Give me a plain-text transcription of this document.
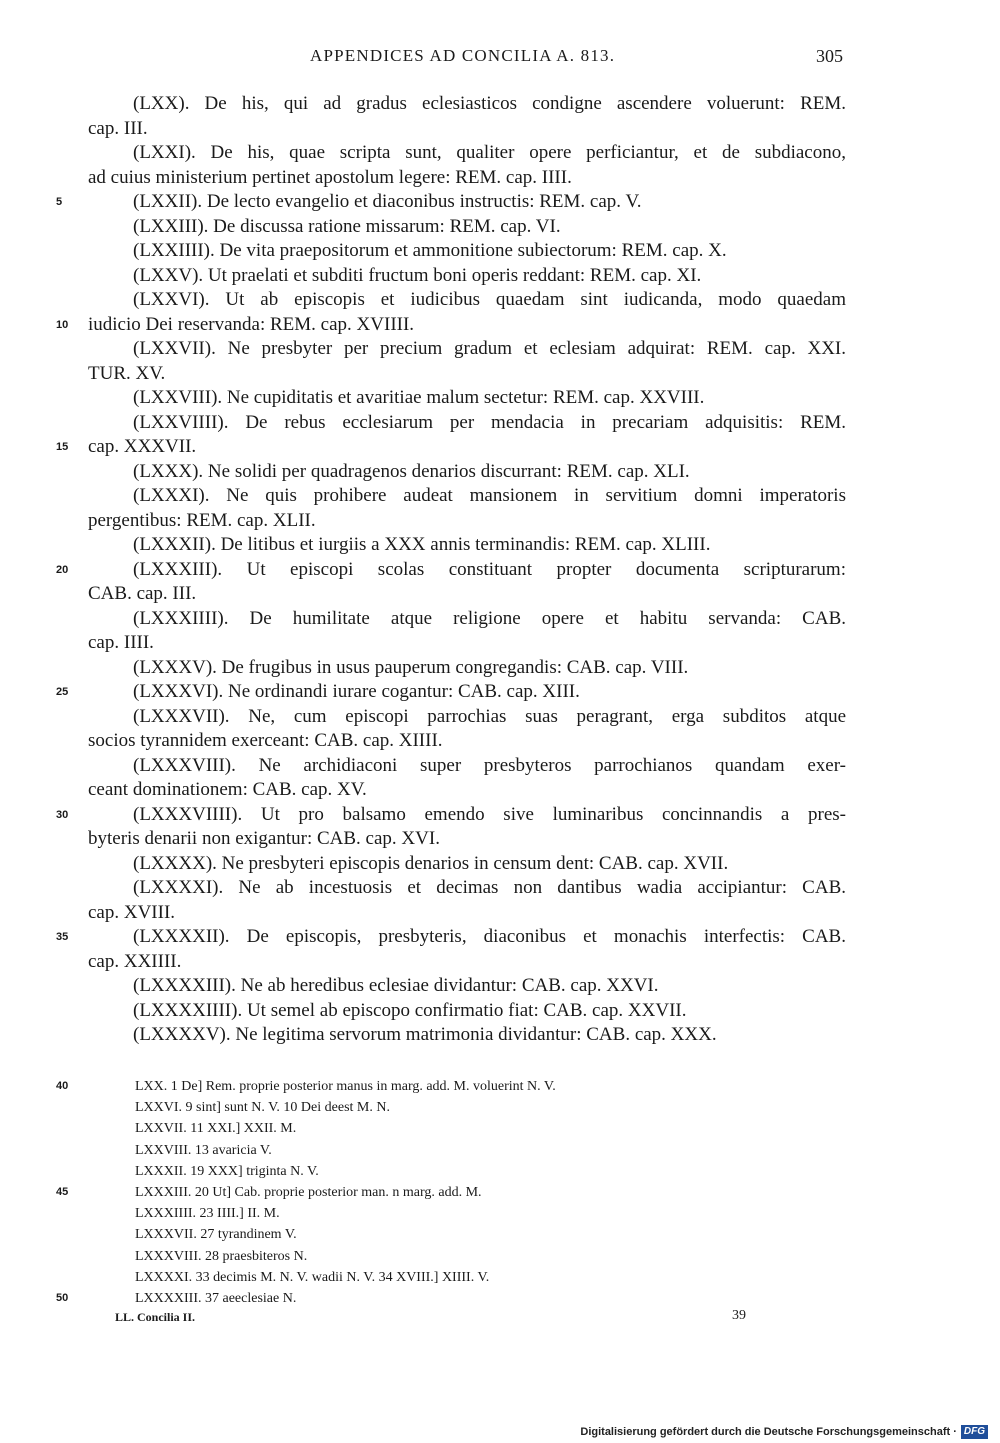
APPENDICES AD CONCILIA A. 813.	305
(LXX). De his, qui ad gradus eclesiasticos condigne ascendere voluerunt: REM.
cap. III.
(LXXI). De his, quae scripta sunt, qualiter opere perficiantur, et de subdiacono,
ad cuius ministerium pertinet apostolum legere: REM. cap. IIII.
5	(LXXII). De lecto evangelio et diaconibus instructis: REM. cap. V.
(LXXIII). De discussa ratione missarum: REM. cap. VI.
(LXXIIII). De vita praepositorum et ammonitione subiectorum: REM. cap. X.
(LXXV). Ut praelati et subditi fructum boni operis reddant: REM. cap. XI.
(LXXVI). Ut ab episcopis et iudicibus quaedam sint iudicanda, modo quaedam
10 iudicio Dei reservanda: REM. cap. XVIIII.
(LXXVII). Ne presbyter per precium gradum et eclesiam adquirat: REM. cap. XXI.
TUR. XV.
(LXXVIII). Ne cupiditatis et avaritiae malum sectetur: REM. cap. XXVIII.
(LXXVIIII). De rebus ecclesiarum per mendacia in precariam adquisitis: REM.
15 cap. XXXVII.
(LXXX). Ne solidi per quadragenos denarios discurrant: REM. cap. XLI.
(LXXXI). Ne quis prohibere audeat mansionem in servitium domni imperatoris
pergentibus: REM. cap. XLII.
(LXXXII). De litibus et iurgiis a XXX annis terminandis: REM. cap. XLIII.
20	(LXXXIII). Ut episcopi scolas constituant propter documenta scripturarum:
CAB. cap. III.
(LXXXIIII). De humilitate atque religione opere et habitu servanda: CAB.
cap. IIII.
(LXXXV). De frugibus in usus pauperum congregandis: CAB. cap. VIII.
25	(LXXXVI). Ne ordinandi iurare cogantur: CAB. cap. XIII.
(LXXXVII). Ne, cum episcopi parrochias suas peragrant, erga subditos atque
socios tyrannidem exerceant: CAB. cap. XIIII.
(LXXXVIII). Ne archidiaconi super presbyteros parrochianos quandam exer-
ceant dominationem: CAB. cap. XV.
30	(LXXXVIIII). Ut pro balsamo emendo sive luminaribus concinnandis a pres-
byteris denarii non exigantur: CAB. cap. XVI.
(LXXXX). Ne presbyteri episcopis denarios in censum dent: CAB. cap. XVII.
(LXXXXI). Ne ab incestuosis et decimas non dantibus wadia accipiantur: CAB.
cap. XVIII.
35	(LXXXXII). De episcopis, presbyteris, diaconibus et monachis interfectis: CAB.
cap. XXIIII.
(LXXXXIII). Ne ab heredibus eclesiae dividantur: CAB. cap. XXVI.
(LXXXXIIII). Ut semel ab episcopo confirmatio fiat: CAB. cap. XXVII.
(LXXXXV). Ne legitima servorum matrimonia dividantur: CAB. cap. XXX.
40	LXX. 1 De] Rem. proprie posterior manus in marg. add. M. voluerint N. V.
LXXVI. 9 sint] sunt N. V. 10 Dei deest M. N.
LXXVII. 11 XXI.] XXII. M.
LXXVIII. 13 avaricia V.
LXXXII. 19 XXX] triginta N. V.
45	LXXXIII. 20 Ut] Cab. proprie posterior man. n marg. add. M.
LXXXIIII. 23 IIII.] II. M.
LXXXVII. 27 tyrandinem V.
LXXXVIII. 28 praesbiteros N.
LXXXXI. 33 decimis M. N. V. wadii N. V. 34 XVIII.] XIIII. V.
50	LXXXXIII. 37 aeeclesiae N.
LL. Concilia II.	39
Digitalisierung gefördert durch die Deutsche Forschungsgemeinschaft · DFG
